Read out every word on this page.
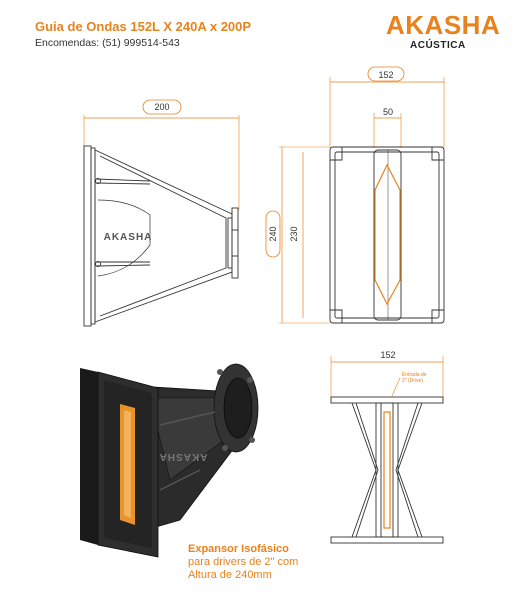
Guia de Ondas 152L X 240A x 200P
Encomendas: (51) 999514-543
AKASHA
ACÚSTICA
200
AKASHA
152
50
240 230
152
Entrada de
2" (Drive)
AKASHA
Expansor Isofásico
para drivers de 2" com
Altura de 240mm
